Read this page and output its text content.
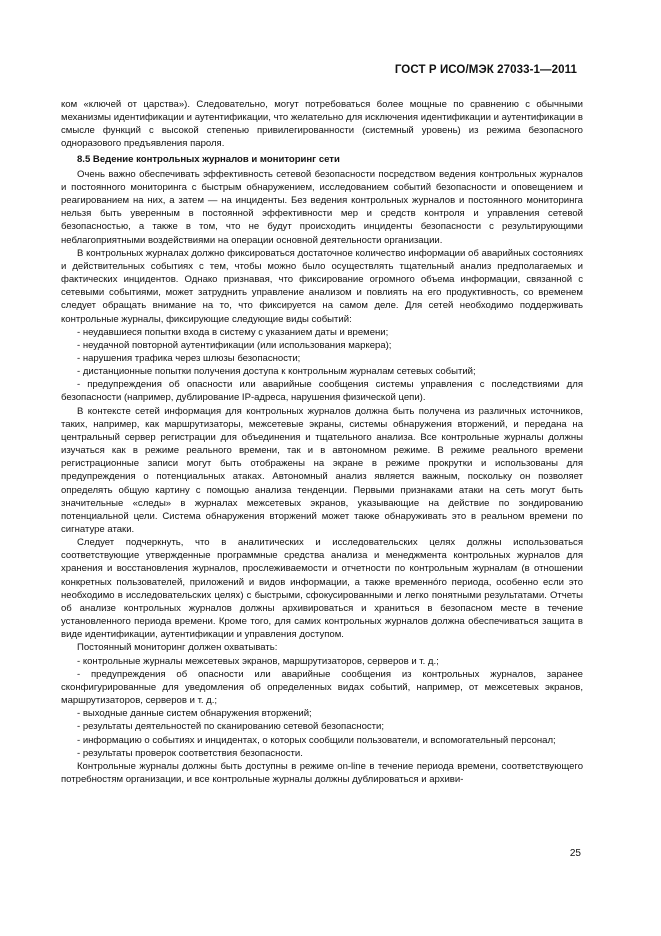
ГОСТ Р ИСО/МЭК 27033-1—2011

ком «ключей от царства»). Следовательно, могут потребоваться более мощные по сравнению с обычными механизмы идентификации и аутентификации, что желательно для исключения идентификации и аутентификации в смысле функций с высокой степенью привилегированности (системный уровень) из режима безопасного одноразового предъявления пароля.

8.5 Ведение контрольных журналов и мониторинг сети

Очень важно обеспечивать эффективность сетевой безопасности посредством ведения контрольных журналов и постоянного мониторинга с быстрым обнаружением, исследованием событий безопасности и оповещением и реагированием на них, а затем — на инциденты. Без ведения контрольных журналов и постоянного мониторинга нельзя быть уверенным в постоянной эффективности мер и средств контроля и управления сетевой безопасностью, а также в том, что не будут происходить инциденты безопасности с результирующими неблагоприятными воздействиями на операции основной деятельности организации.

В контрольных журналах должно фиксироваться достаточное количество информации об аварийных состояниях и действительных событиях с тем, чтобы можно было осуществлять тщательный анализ предполагаемых и фактических инцидентов. Однако признавая, что фиксирование огромного объема информации, связанной с сетевыми событиями, может затруднить управление анализом и повлиять на его продуктивность, со временем следует обращать внимание на то, что фиксируется на самом деле. Для сетей необходимо поддерживать контрольные журналы, фиксирующие следующие виды событий:

- неудавшиеся попытки входа в систему с указанием даты и времени;

- неудачной повторной аутентификации (или использования маркера);

- нарушения трафика через шлюзы безопасности;

- дистанционные попытки получения доступа к контрольным журналам сетевых событий;

- предупреждения об опасности или аварийные сообщения системы управления с последствиями для безопасности (например, дублирование IP-адреса, нарушения физической цепи).

В контексте сетей информация для контрольных журналов должна быть получена из различных источников, таких, например, как маршрутизаторы, межсетевые экраны, системы обнаружения вторжений, и передана на центральный сервер регистрации для объединения и тщательного анализа. Все контрольные журналы должны изучаться как в режиме реального времени, так и в автономном режиме. В режиме реального времени регистрационные записи могут быть отображены на экране в режиме прокрутки и использованы для предупреждения о потенциальных атаках. Автономный анализ является важным, поскольку он позволяет определять общую картину с помощью анализа тенденции. Первыми признаками атаки на сеть могут быть значительные «следы» в журналах межсетевых экранов, указывающие на действие по зондированию потенциальной цели. Система обнаружения вторжений может также обнаруживать это в реальном времени по сигнатуре атаки.

Следует подчеркнуть, что в аналитических и исследовательских целях должны использоваться соответствующие утвержденные программные средства анализа и менеджмента контрольных журналов для хранения и восстановления журналов, прослеживаемости и отчетности по контрольным журналам (в отношении конкретных пользователей, приложений и видов информации, а также временно́го периода, особенно если это необходимо в исследовательских целях) с быстрыми, сфокусированными и легко понятными результатами. Отчеты об анализе контрольных журналов должны архивироваться и храниться в безопасном месте в течение установленного периода времени. Кроме того, для самих контрольных журналов должна обеспечиваться защита в виде идентификации, аутентификации и управления доступом.

Постоянный мониторинг должен охватывать:

- контрольные журналы межсетевых экранов, маршрутизаторов, серверов и т. д.;

- предупреждения об опасности или аварийные сообщения из контрольных журналов, заранее сконфигурированные для уведомления об определенных видах событий, например, от межсетевых экранов, маршрутизаторов, серверов и т. д.;

- выходные данные систем обнаружения вторжений;

- результаты деятельностей по сканированию сетевой безопасности;

- информацию о событиях и инцидентах, о которых сообщили пользователи, и вспомогательный персонал;

- результаты проверок соответствия безопасности.

Контрольные журналы должны быть доступны в режиме on-line в течение периода времени, соответствующего потребностям организации, и все контрольные журналы должны дублироваться и архиви-

25
